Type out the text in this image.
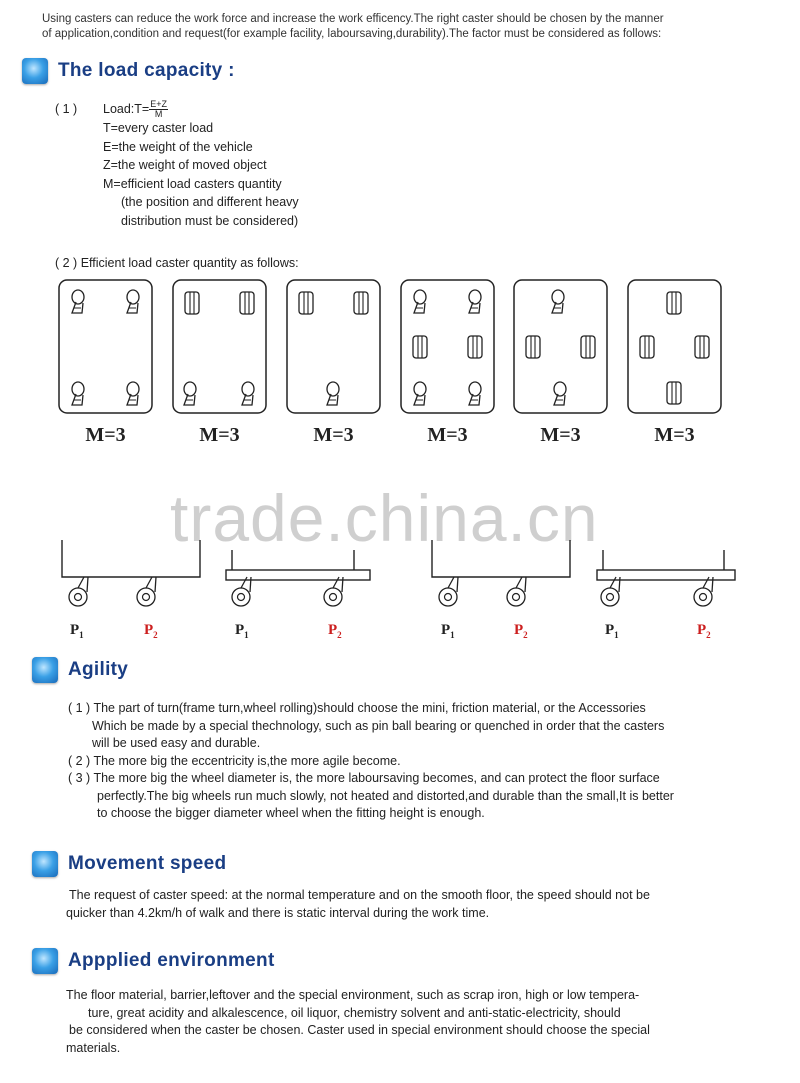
Using casters can reduce the work force and increase the work efficency.The right caster should be chosen by the manner
of application,condition and request(for example facility, laboursaving,durability).The factor must be considered as follows:
The load capacity :
( 1 ) Load:T= $\frac{E+Z}{M}$
T=every caster load
E=the weight of the vehicle
Z=the weight of moved object
M=efficient load casters quantity
(the position and different heavy
distribution must be considered)
( 2 ) Efficient load caster quantity as follows:
M=3	M=3	M=3	M=3	M=3	M=3
trade.china.cn
$P_1$	$P_2$	$P_1$	$P_2$	$P_1$	$P_2$	$P_1$	$P_2$
Agility
( 1 ) The part of turn(frame turn,wheel rolling)should choose the mini, friction material, or the Accessories
Which be made by a special thechnology, such as pin ball bearing or quenched in order that the casters
will be used easy and durable.
( 2 ) The more big the eccentricity is,the more agile become.
( 3 ) The more big the wheel diameter is, the more laboursaving becomes, and can protect the floor surface
perfectly.The big wheels run much slowly, not heated and distorted,and durable than the small,It is better
to choose the bigger diameter wheel when the fitting height is enough.
Movement speed
The request of caster speed: at the normal temperature and on the smooth floor, the speed should not be
quicker than 4.2km/h of walk and there is static interval during the work time.
Appplied environment
The floor material, barrier,leftover and the special environment, such as scrap iron, high or low tempera-
ture, great acidity and alkalescence, oil liquor, chemistry solvent and anti-static-electricity, should
be considered when the caster be chosen. Caster used in special environment should choose the special
materials.
